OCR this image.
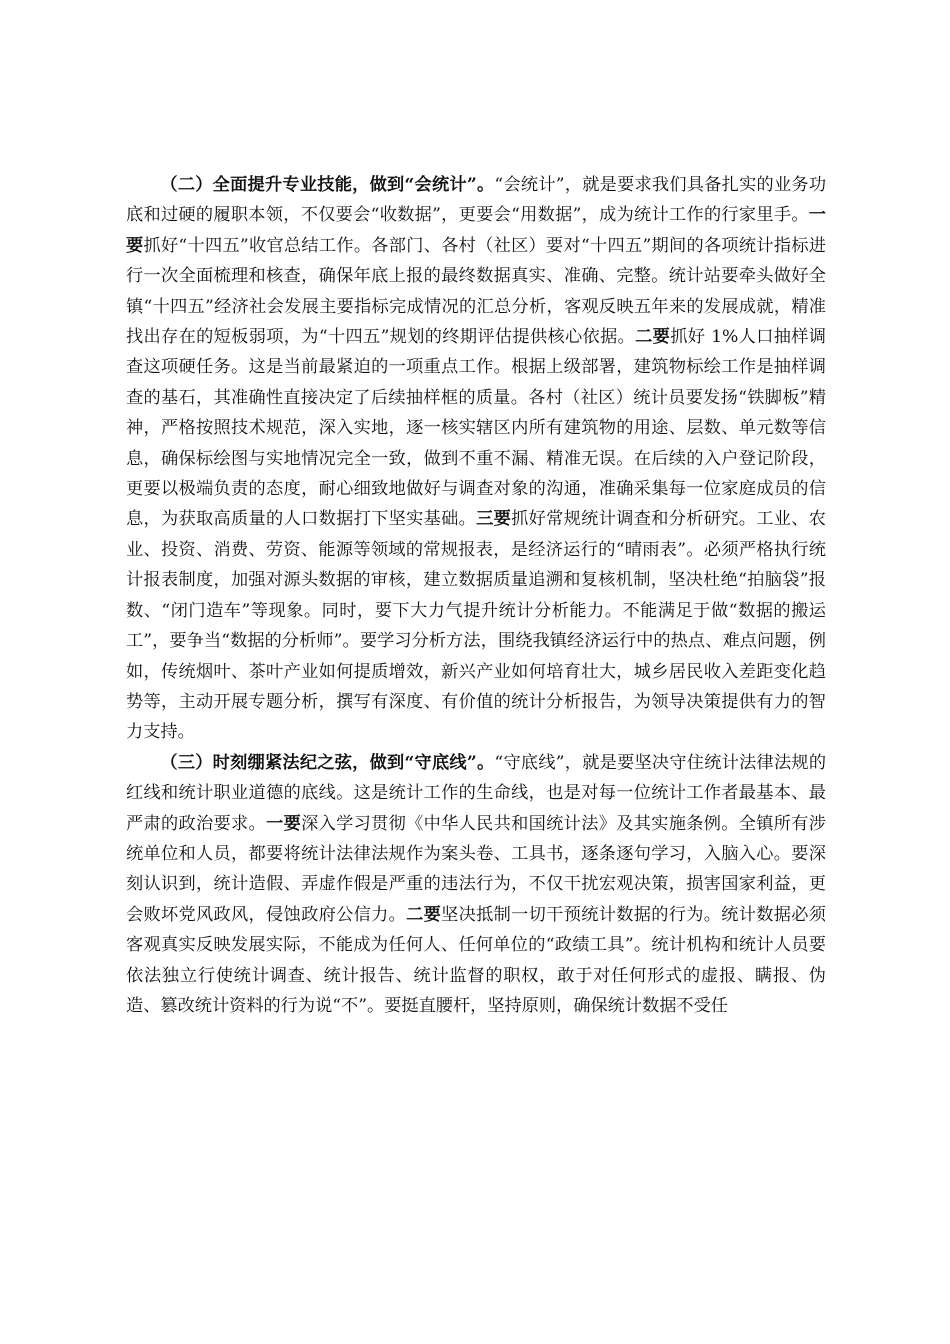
（二）全面提升专业技能，做到“会统计”。“会统计”，就是要求我们具备扎实的业务功底和过硬的履职本领，不仅要会“收数据”，更要会“用数据”，成为统计工作的行家里手。一要抓好“十四五”收官总结工作。各部门、各村（社区）要对“十四五”期间的各项统计指标进行一次全面梳理和核查，确保年底上报的最终数据真实、准确、完整。统计站要牵头做好全镇“十四五”经济社会发展主要指标完成情况的汇总分析，客观反映五年来的发展成就，精准找出存在的短板弱项，为“十四五”规划的终期评估提供核心依据。二要抓好 1%人口抽样调查这项硬任务。这是当前最紧迫的一项重点工作。根据上级部署，建筑物标绘工作是抽样调查的基石，其准确性直接决定了后续抽样框的质量。各村（社区）统计员要发扬“铁脚板”精神，严格按照技术规范，深入实地，逐一核实辖区内所有建筑物的用途、层数、单元数等信息，确保标绘图与实地情况完全一致，做到不重不漏、精准无误。在后续的入户登记阶段，更要以极端负责的态度，耐心细致地做好与调查对象的沟通，准确采集每一位家庭成员的信息，为获取高质量的人口数据打下坚实基础。三要抓好常规统计调查和分析研究。工业、农业、投资、消费、劳资、能源等领域的常规报表，是经济运行的“晴雨表”。必须严格执行统计报表制度，加强对源头数据的审核，建立数据质量追溯和复核机制，坚决杜绝“拍脑袋”报数、“闭门造车”等现象。同时，要下大力气提升统计分析能力。不能满足于做“数据的搬运工”，要争当“数据的分析师”。要学习分析方法，围绕我镇经济运行中的热点、难点问题，例如，传统烟叶、茶叶产业如何提质增效，新兴产业如何培育壮大，城乡居民收入差距变化趋势等，主动开展专题分析，撰写有深度、有价值的统计分析报告，为领导决策提供有力的智力支持。

（三）时刻绷紧法纪之弦，做到“守底线”。“守底线”，就是要坚决守住统计法律法规的红线和统计职业道德的底线。这是统计工作的生命线，也是对每一位统计工作者最基本、最严肃的政治要求。一要深入学习贯彻《中华人民共和国统计法》及其实施条例。全镇所有涉统单位和人员，都要将统计法律法规作为案头卷、工具书，逐条逐句学习，入脑入心。要深刻认识到，统计造假、弄虚作假是严重的违法行为，不仅干扰宏观决策，损害国家利益，更会败坏党风政风，侵蚀政府公信力。二要坚决抵制一切干预统计数据的行为。统计数据必须客观真实反映发展实际，不能成为任何人、任何单位的“政绩工具”。统计机构和统计人员要依法独立行使统计调查、统计报告、统计监督的职权，敢于对任何形式的虚报、瞒报、伪造、篡改统计资料的行为说“不”。要挺直腰杆，坚持原则，确保统计数据不受任
